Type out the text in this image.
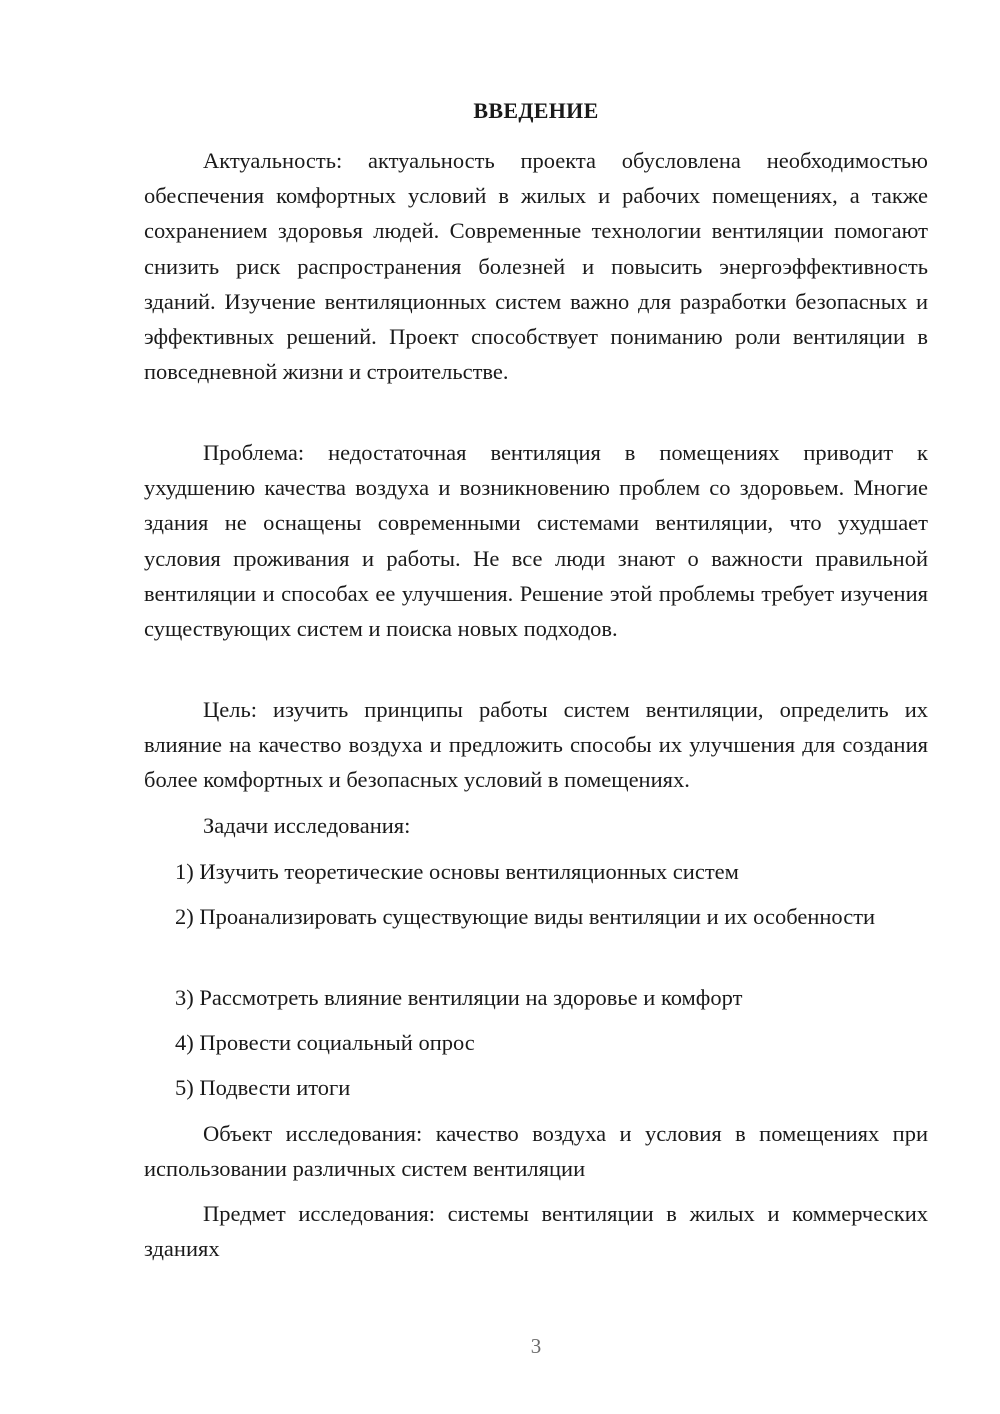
ВВЕДЕНИЕ

Актуальность: актуальность проекта обусловлена необходимостью обеспечения комфортных условий в жилых и рабочих помещениях, а также сохранением здоровья людей. Современные технологии вентиляции помогают снизить риск распространения болезней и повысить энергоэффективность зданий. Изучение вентиляционных систем важно для разработки безопасных и эффективных решений. Проект способствует пониманию роли вентиляции в повседневной жизни и строительстве.

Проблема: недостаточная вентиляция в помещениях приводит к ухудшению качества воздуха и возникновению проблем со здоровьем. Многие здания не оснащены современными системами вентиляции, что ухудшает условия проживания и работы. Не все люди знают о важности правильной вентиляции и способах ее улучшения. Решение этой проблемы требует изучения существующих систем и поиска новых подходов.

Цель: изучить принципы работы систем вентиляции, определить их влияние на качество воздуха и предложить способы их улучшения для создания более комфортных и безопасных условий в помещениях.

Задачи исследования:

1) Изучить теоретические основы вентиляционных систем

2) Проанализировать существующие виды вентиляции и их особенности

3) Рассмотреть влияние вентиляции на здоровье и комфорт

4) Провести социальный опрос

5) Подвести итоги

Объект исследования: качество воздуха и условия в помещениях при использовании различных систем вентиляции

Предмет исследования: системы вентиляции в жилых и коммерческих зданиях

3
